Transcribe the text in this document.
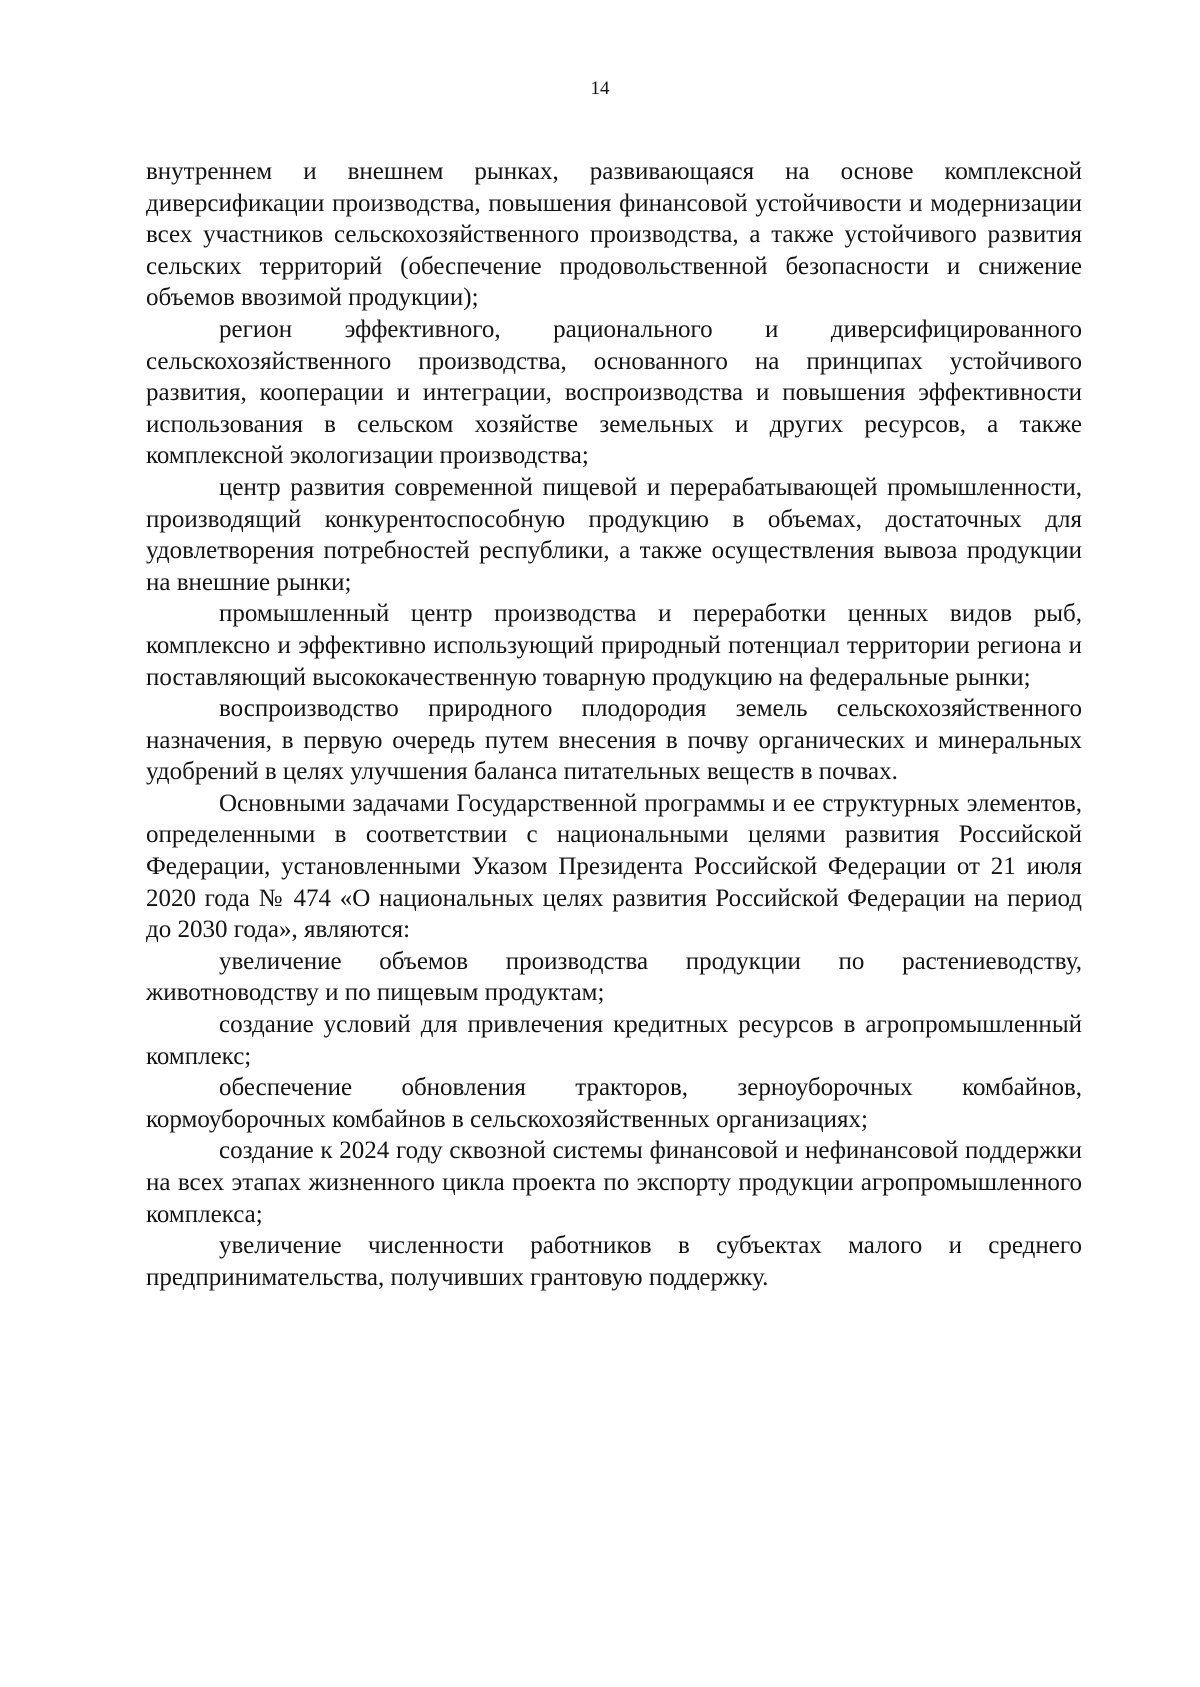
14

внутреннем и внешнем рынках, развивающаяся на основе комплексной диверсификации производства, повышения финансовой устойчивости и модернизации всех участников сельскохозяйственного производства, а также устойчивого развития сельских территорий (обеспечение продовольственной безопасности и снижение объемов ввозимой продукции);

регион эффективного, рационального и диверсифицированного сельскохозяйственного производства, основанного на принципах устойчивого развития, кооперации и интеграции, воспроизводства и повышения эффективности использования в сельском хозяйстве земельных и других ресурсов, а также комплексной экологизации производства;

центр развития современной пищевой и перерабатывающей промышленности, производящий конкурентоспособную продукцию в объемах, достаточных для удовлетворения потребностей республики, а также осуществления вывоза продукции на внешние рынки;

промышленный центр производства и переработки ценных видов рыб, комплексно и эффективно использующий природный потенциал территории региона и поставляющий высококачественную товарную продукцию на федеральные рынки;

воспроизводство природного плодородия земель сельскохозяйственного назначения, в первую очередь путем внесения в почву органических и минеральных удобрений в целях улучшения баланса питательных веществ в почвах.

Основными задачами Государственной программы и ее структурных элементов, определенными в соответствии с национальными целями развития Российской Федерации, установленными Указом Президента Российской Федерации от 21 июля 2020 года № 474 «О национальных целях развития Российской Федерации на период до 2030 года», являются:

увеличение объемов производства продукции по растениеводству, животноводству и по пищевым продуктам;

создание условий для привлечения кредитных ресурсов в агропромышленный комплекс;

обеспечение обновления тракторов, зерноуборочных комбайнов, кормоуборочных комбайнов в сельскохозяйственных организациях;

создание к 2024 году сквозной системы финансовой и нефинансовой поддержки на всех этапах жизненного цикла проекта по экспорту продукции агропромышленного комплекса;

увеличение численности работников в субъектах малого и среднего предпринимательства, получивших грантовую поддержку.
